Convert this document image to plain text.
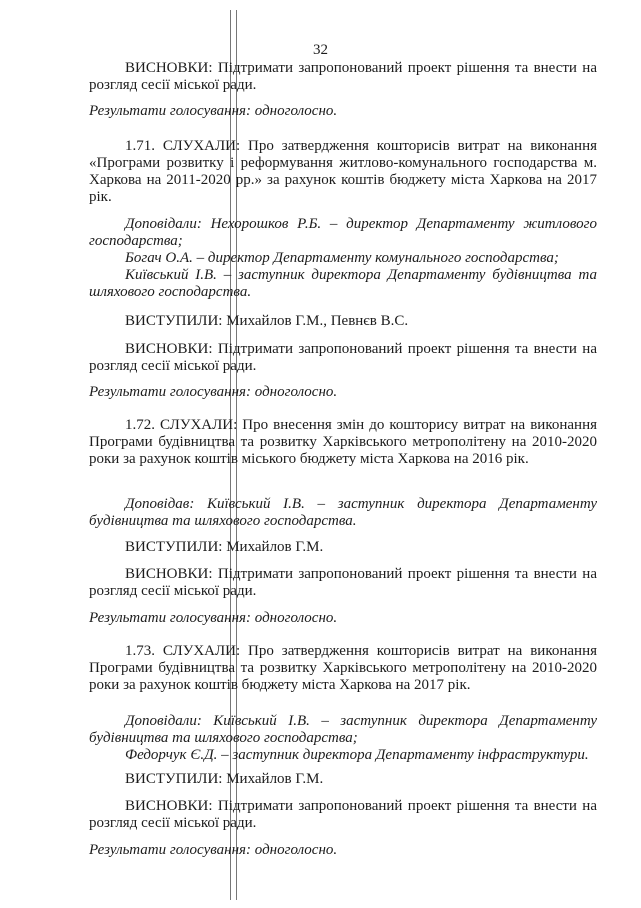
32

ВИСНОВКИ: Підтримати запропонований проект рішення та внести на розгляд сесії міської ради.

Результати голосування: одноголосно.

1.71. СЛУХАЛИ: Про затвердження кошторисів витрат на виконання «Програми розвитку і реформування житлово-комунального господарства м. Харкова на 2011-2020 рр.» за рахунок коштів бюджету міста Харкова на 2017 рік.

Доповідали: Нехорошков Р.Б. – директор Департаменту житлового господарства;
Богач О.А. – директор Департаменту комунального господарства;
Київський І.В. – заступник директора Департаменту будівництва та шляхового господарства.

ВИСТУПИЛИ: Михайлов Г.М., Певнєв В.С.

ВИСНОВКИ: Підтримати запропонований проект рішення та внести на розгляд сесії міської ради.

Результати голосування: одноголосно.

1.72. СЛУХАЛИ: Про внесення змін до кошторису витрат на виконання Програми будівництва та розвитку Харківського метрополітену на 2010-2020 роки за рахунок коштів міського бюджету міста Харкова на 2016 рік.

Доповідав: Київський І.В. – заступник директора Департаменту будівництва та шляхового господарства.

ВИСТУПИЛИ: Михайлов Г.М.

ВИСНОВКИ: Підтримати запропонований проект рішення та внести на розгляд сесії міської ради.

Результати голосування: одноголосно.

1.73. СЛУХАЛИ: Про затвердження кошторисів витрат на виконання Програми будівництва та розвитку Харківського метрополітену на 2010-2020 роки за рахунок коштів бюджету міста Харкова на 2017 рік.

Доповідали: Київський І.В. – заступник директора Департаменту будівництва та шляхового господарства;
Федорчук Є.Д. – заступник директора Департаменту інфраструктури.

ВИСТУПИЛИ: Михайлов Г.М.

ВИСНОВКИ: Підтримати запропонований проект рішення та внести на розгляд сесії міської ради.

Результати голосування: одноголосно.
